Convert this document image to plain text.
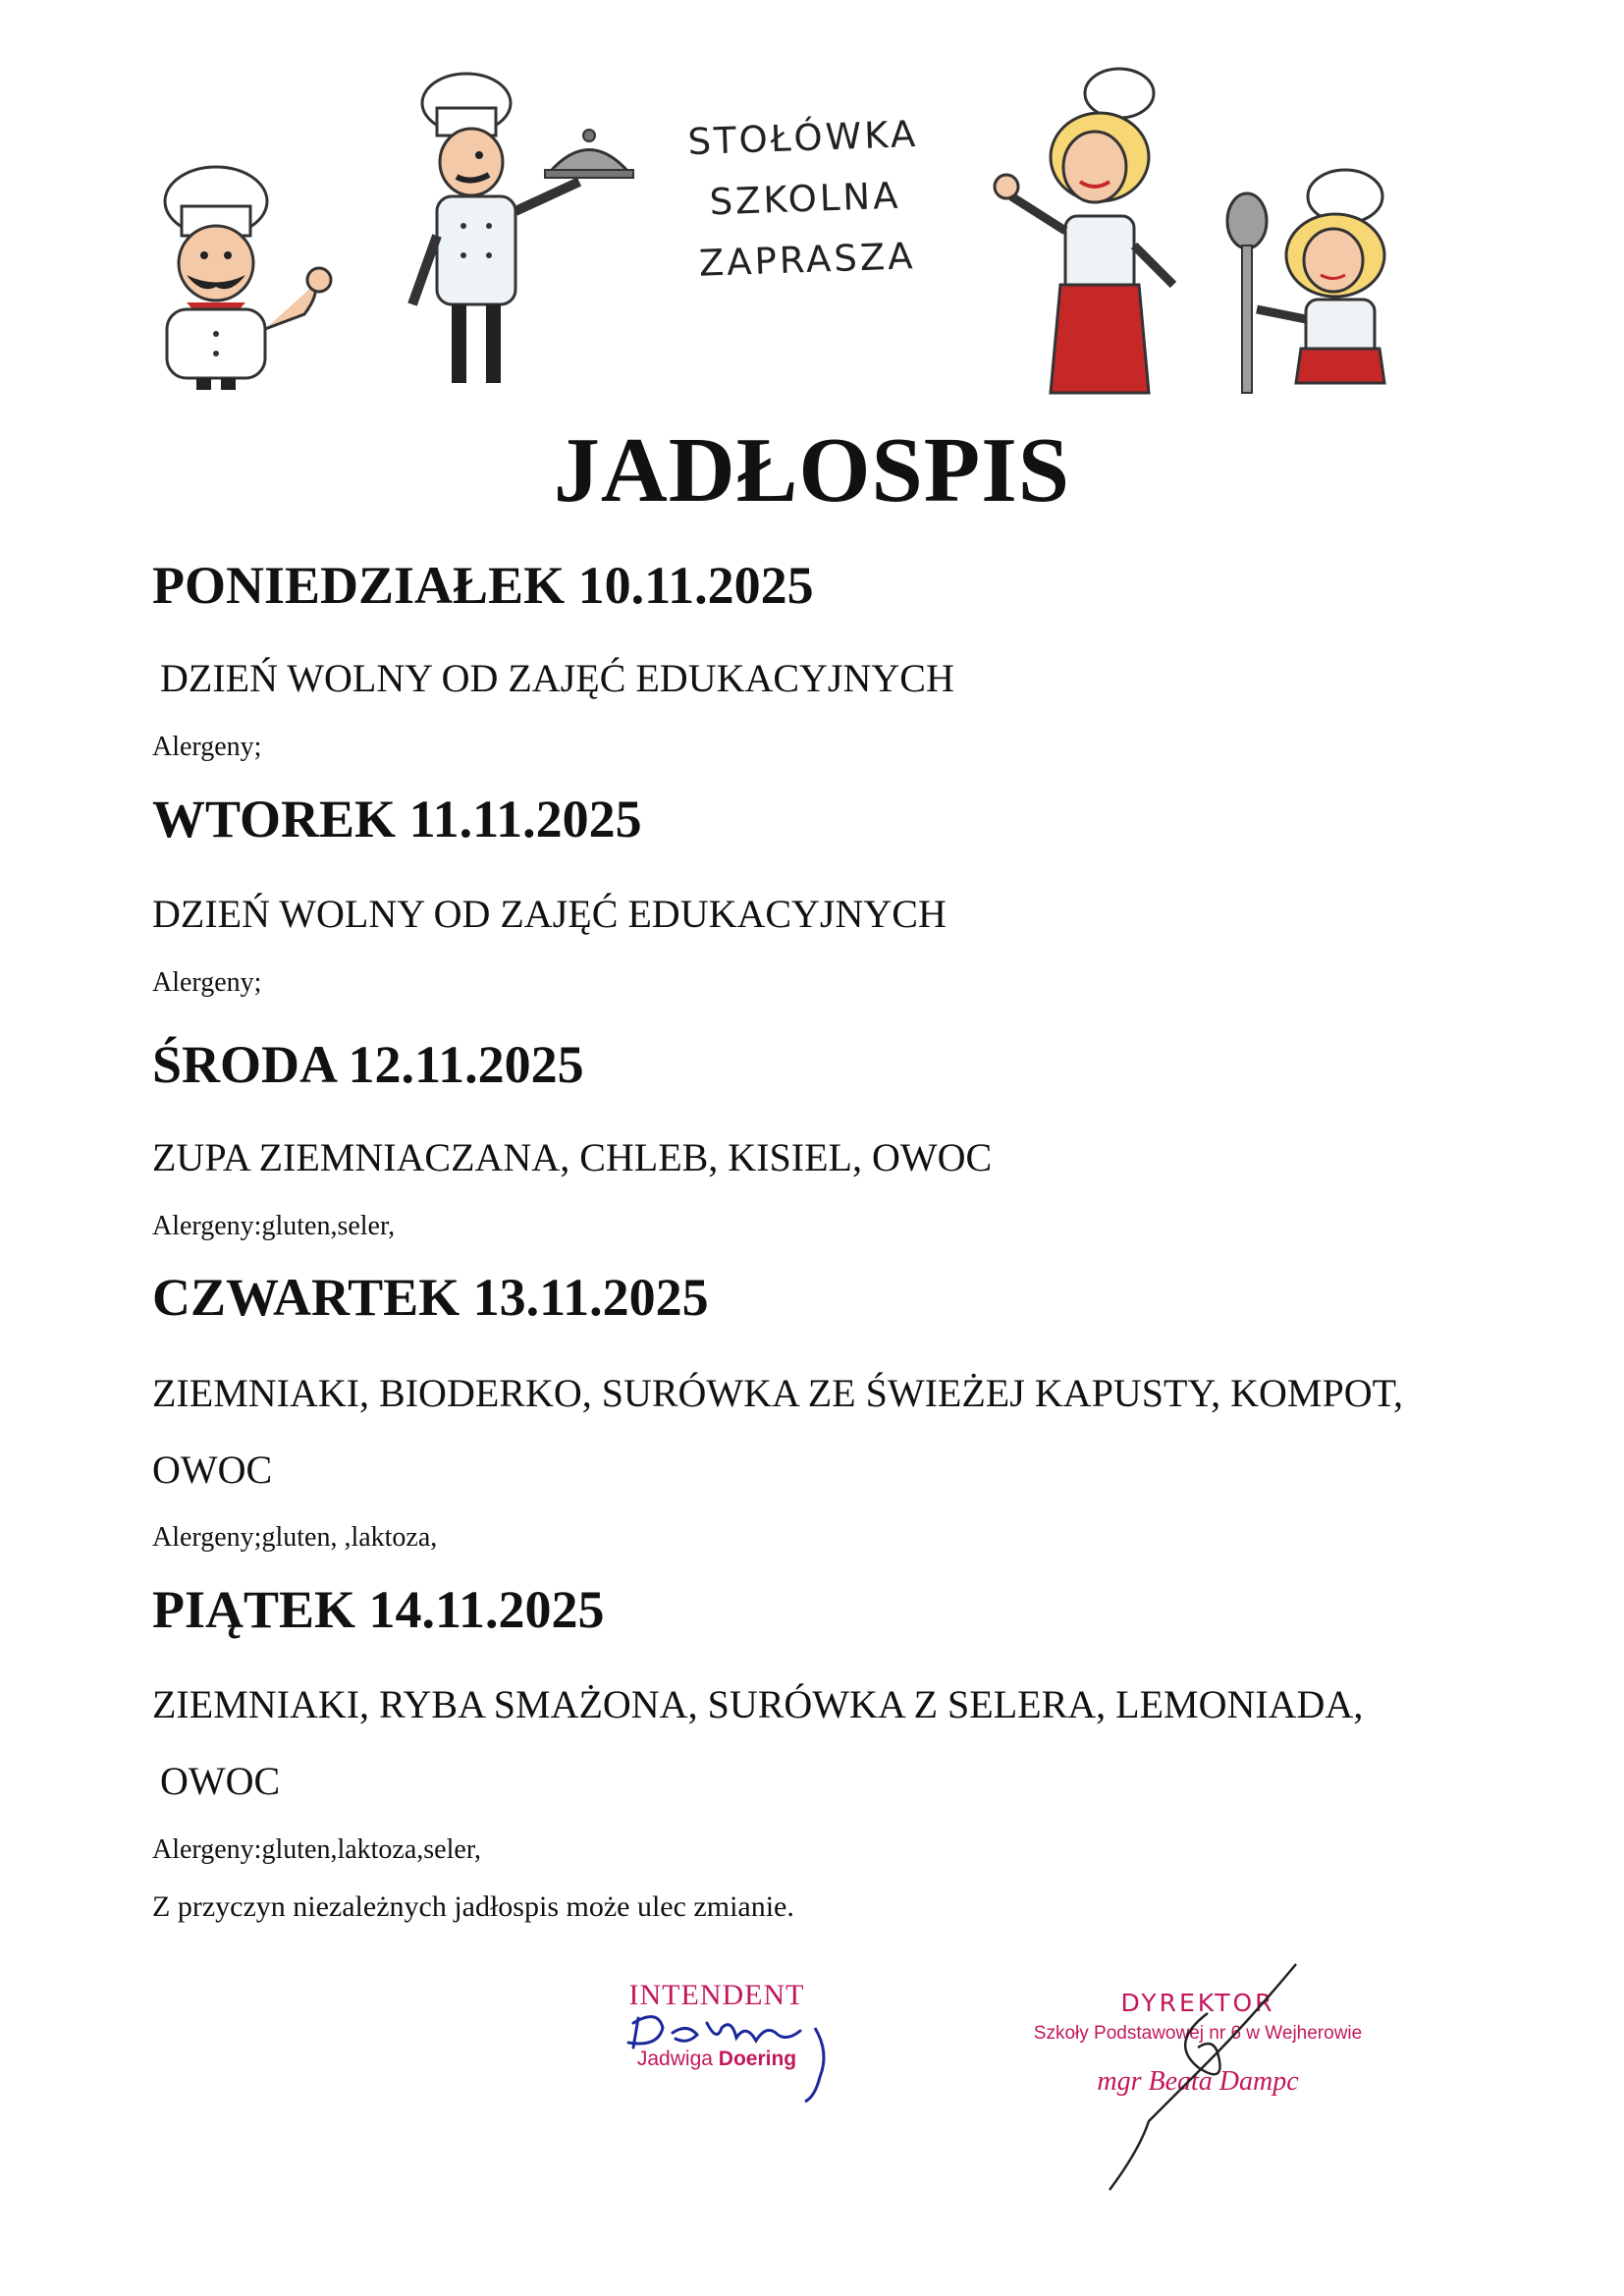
STOŁÓWKA
SZKOLNA
ZAPRASZA
JADŁOSPIS
PONIEDZIAŁEK 10.11.2025
DZIEŃ WOLNY OD ZAJĘĆ EDUKACYJNYCH
Alergeny;
WTOREK 11.11.2025
DZIEŃ WOLNY OD ZAJĘĆ EDUKACYJNYCH
Alergeny;
ŚRODA 12.11.2025
ZUPA ZIEMNIACZANA, CHLEB, KISIEL, OWOC
Alergeny:gluten,seler,
CZWARTEK 13.11.2025
ZIEMNIAKI, BIODERKO, SURÓWKA ZE ŚWIEŻEJ KAPUSTY, KOMPOT,
OWOC
Alergeny;gluten, ,laktoza,
PIĄTEK 14.11.2025
ZIEMNIAKI, RYBA SMAŻONA, SURÓWKA Z SELERA, LEMONIADA,
OWOC
Alergeny:gluten,laktoza,seler,
Z przyczyn niezależnych jadłospis może ulec zmianie.
INTENDENT
Jadwiga Doering
DYREKTOR
Szkoły Podstawowej nr 6 w Wejherowie
mgr Beata Dampc
